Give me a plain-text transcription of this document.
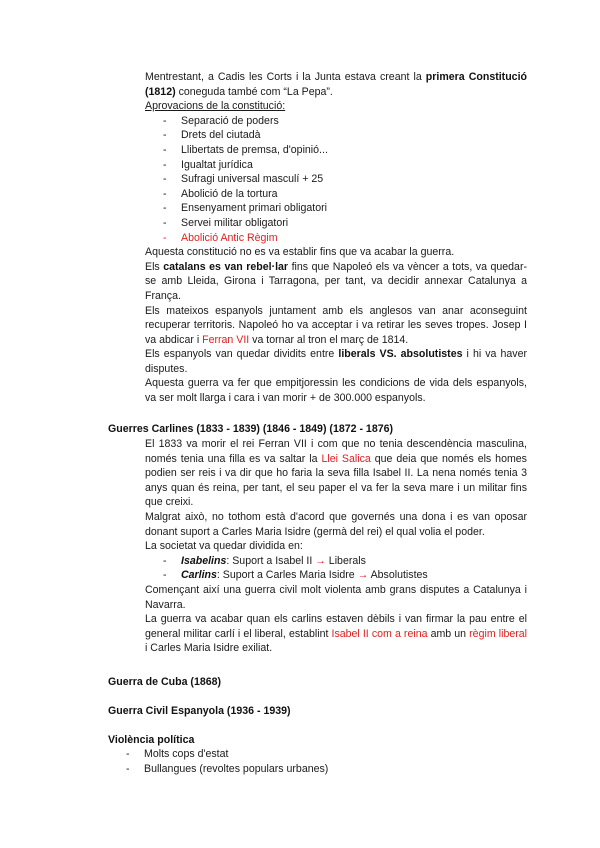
Mentrestant, a Cadis les Corts i la Junta estava creant la primera Constitució (1812) coneguda també com “La Pepa”.

Aprovacions de la constitució:

- Separació de poders
- Drets del ciutadà
- Llibertats de premsa, d'opinió...
- Igualtat jurídica
- Sufragi universal masculí + 25
- Abolició de la tortura
- Ensenyament primari obligatori
- Servei militar obligatori
- Abolició Antic Règim

Aquesta constitució no es va establir fins que va acabar la guerra.

Els catalans es van rebel·lar fins que Napoleó els va vèncer a tots, va quedar-se amb Lleida, Girona i Tarragona, per tant, va decidir annexar Catalunya a França.

Els mateixos espanyols juntament amb els anglesos van anar aconseguint recuperar territoris. Napoleó ho va acceptar i va retirar les seves tropes. Josep I va abdicar i Ferran VII va tornar al tron el març de 1814.

Els espanyols van quedar dividits entre liberals VS. absolutistes i hi va haver disputes.

Aquesta guerra va fer que empitjoressin les condicions de vida dels espanyols, va ser molt llarga i cara i van morir + de 300.000 espanyols.

Guerres Carlines (1833 - 1839) (1846 - 1849) (1872 - 1876)

El 1833 va morir el rei Ferran VII i com que no tenia descendència masculina, només tenia una filla es va saltar la Llei Salica que deia que només els homes podien ser reis i va dir que ho faria la seva filla Isabel II. La nena només tenia 3 anys quan és reina, per tant, el seu paper el va fer la seva mare i un militar fins que creixi.

Malgrat això, no tothom està d'acord que governés una dona i es van oposar donant suport a Carles Maria Isidre (germà del rei) el qual volia el poder.

La societat va quedar dividida en:

- Isabelins: Suport a Isabel II → Liberals
- Carlins: Suport a Carles Maria Isidre → Absolutistes

Començant així una guerra civil molt violenta amb grans disputes a Catalunya i Navarra.

La guerra va acabar quan els carlins estaven dèbils i van firmar la pau entre el general militar carlí i el liberal, establint Isabel II com a reina amb un règim liberal i Carles Maria Isidre exiliat.

Guerra de Cuba (1868)
Guerra Civil Espanyola (1936 - 1939)
Violència política
- Molts cops d'estat
- Bullangues (revoltes populars urbanes)
